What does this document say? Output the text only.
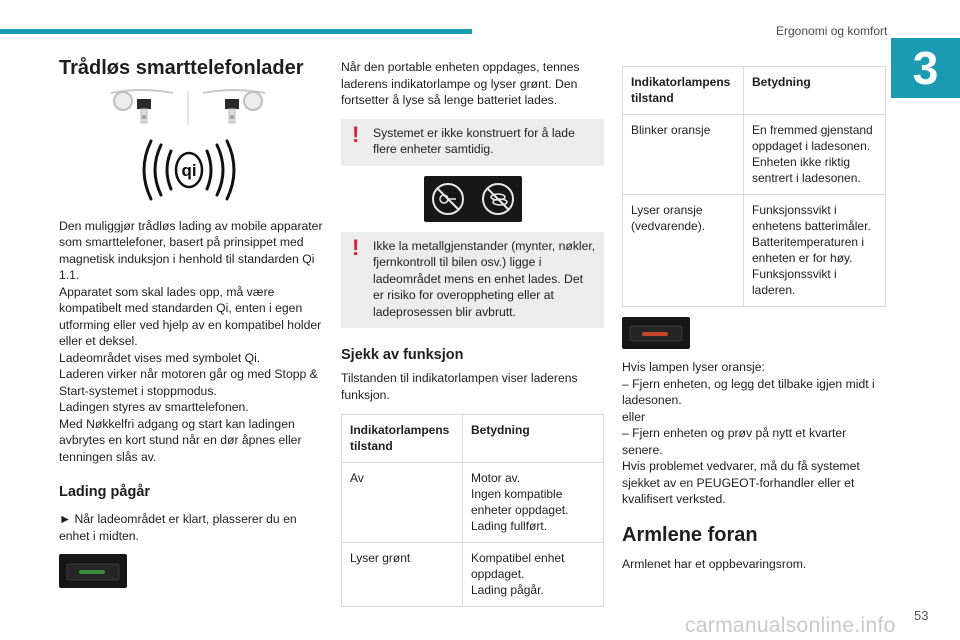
Ergonomi og komfort
3
Trådløs smarttelefonlader
qi

Den muliggjør trådløs lading av mobile apparater som smarttelefoner, basert på prinsippet med magnetisk induksjon i henhold til standarden Qi 1.1.

Apparatet som skal lades opp, må være kompatibelt med standarden Qi, enten i egen utforming eller ved hjelp av en kompatibel holder eller et deksel.

Ladeområdet vises med symbolet Qi.

Laderen virker når motoren går og med Stopp & Start-systemet i stoppmodus.

Ladingen styres av smarttelefonen.

Med Nøkkelfri adgang og start kan ladingen avbrytes en kort stund når en dør åpnes eller tenningen slås av.

Lading pågår

► Når ladeområdet er klart, plasserer du en enhet i midten.

Når den portable enheten oppdages, tennes laderens indikatorlampe og lyser grønt. Den fortsetter å lyse så lenge batteriet lades.

! Systemet er ikke konstruert for å lade flere enheter samtidig.

! Ikke la metallgjenstander (mynter, nøkler, fjernkontroll til bilen osv.) ligge i ladeområdet mens en enhet lades. Det er risiko for overoppheting eller at ladeprosessen blir avbrutt.

Sjekk av funksjon

Tilstanden til indikatorlampen viser laderens funksjon.

Indikatorlampens tilstand	Betydning
Av	Motor av.
Ingen kompatible enheter oppdaget.
Lading fullført.
Lyser grønt	Kompatibel enhet oppdaget.
Lading pågår.
Indikatorlampens tilstand	Betydning
Blinker oransje	En fremmed gjenstand oppdaget i ladesonen.
Enheten ikke riktig sentrert i ladesonen.
Lyser oransje (vedvarende).	Funksjonssvikt i enhetens batterimåler.
Batteritemperaturen i enheten er for høy.
Funksjonssvikt i laderen.

Hvis lampen lyser oransje:

– Fjern enheten, og legg det tilbake igjen midt i ladesonen.

eller

– Fjern enheten og prøv på nytt et kvarter senere.

Hvis problemet vedvarer, må du få systemet sjekket av en PEUGEOT-forhandler eller et kvalifisert verksted.

Armlene foran

Armlenet har et oppbevaringsrom.

carmanualsonline.info 53
